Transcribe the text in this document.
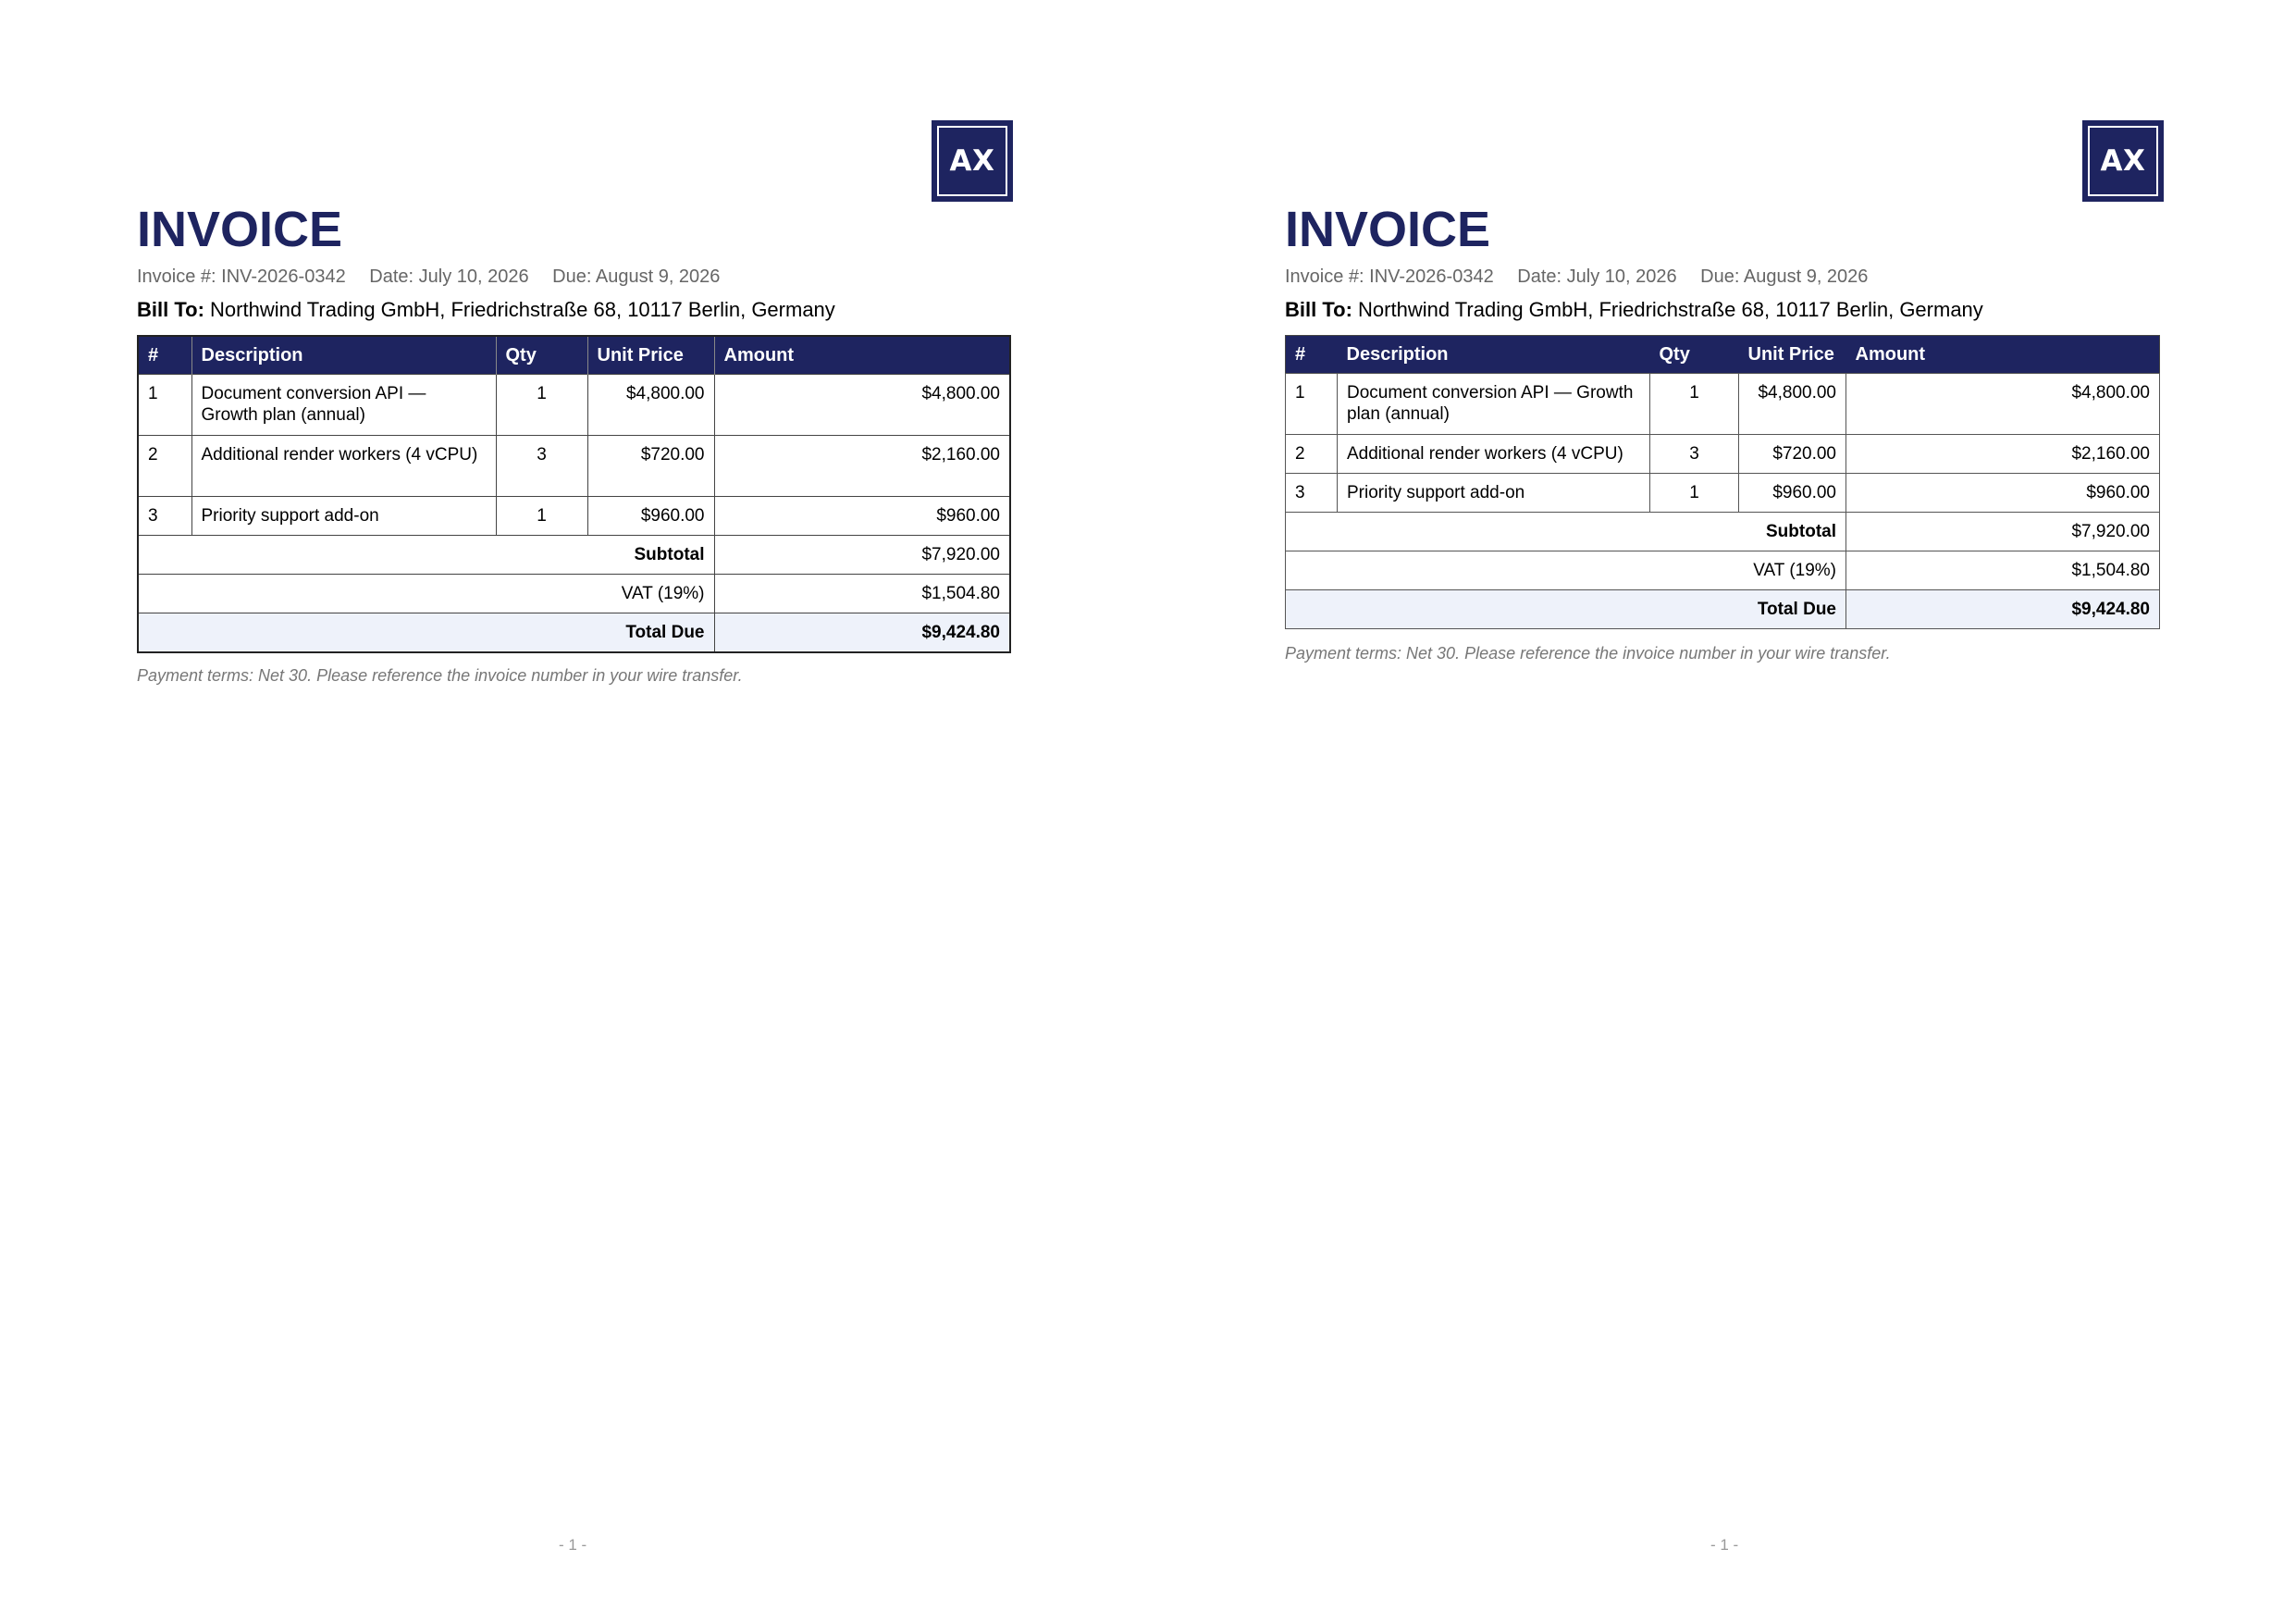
AX
INVOICE
Invoice #: INV-2026-0342 Date: July 10, 2026 Due: August 9, 2026
Bill To: Northwind Trading GmbH, Friedrichstraße 68, 10117 Berlin, Germany
#	Description	Qty	Unit Price	Amount
1	Document conversion API — Growth plan (annual)	1	$4,800.00	$4,800.00
2	Additional render workers (4 vCPU)	3	$720.00	$2,160.00
3	Priority support add-on	1	$960.00	$960.00
Subtotal				$7,920.00
VAT (19%)				$1,504.80
Total Due				$9,424.80
Payment terms: Net 30. Please reference the invoice number in your wire transfer.
- 1 -
AX
INVOICE
Invoice #: INV-2026-0342 Date: July 10, 2026 Due: August 9, 2026
Bill To: Northwind Trading GmbH, Friedrichstraße 68, 10117 Berlin, Germany
#	Description	Qty	Unit Price	Amount
1	Document conversion API — Growth plan (annual)	1	$4,800.00	$4,800.00
2	Additional render workers (4 vCPU)	3	$720.00	$2,160.00
3	Priority support add-on	1	$960.00	$960.00
Subtotal				$7,920.00
VAT (19%)				$1,504.80
Total Due				$9,424.80
Payment terms: Net 30. Please reference the invoice number in your wire transfer.
- 1 -
